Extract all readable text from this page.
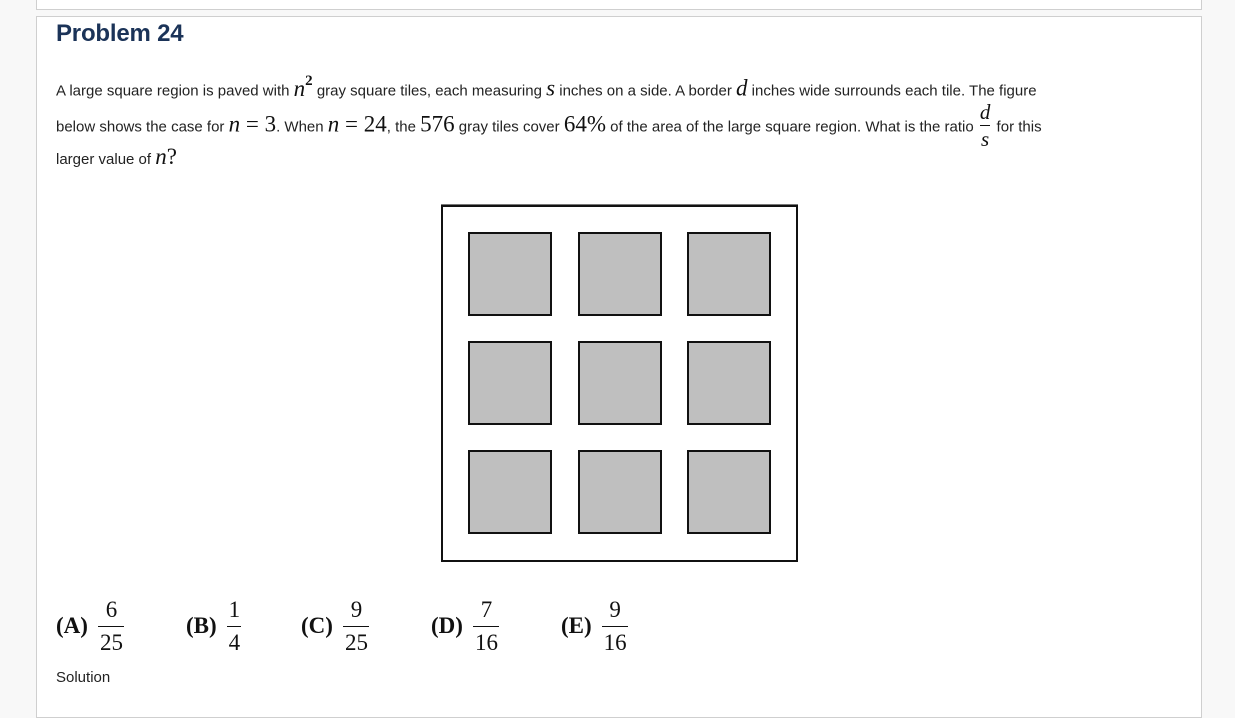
Problem 24
A large square region is paved with $n^2$ gray square tiles, each measuring s inches on a side. A border d inches wide surrounds each tile. The figure
below shows the case for n = 3. When n = 24, the 576 gray tiles cover 64% of the area of the large square region. What is the ratio $\frac{d}{s}$ for this
larger value of n?
$(A) \frac{6}{25}$	$(B) \frac{1}{4}$	$(C) \frac{9}{25}$	$(D) \frac{7}{16}$	$(E) \frac{9}{16}$
Solution
